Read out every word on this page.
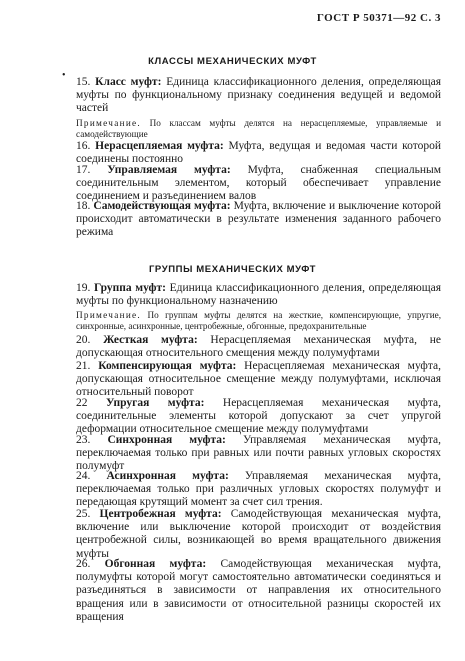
ГОСТ Р 50371—92 С. 3
КЛАССЫ МЕХАНИЧЕСКИХ МУФТ
•
15. Класс муфт: Единица классификационного деления, определяющая муфты по функциональному признаку соединения ведущей и ведомой частей
Примечание. По классам муфты делятся на нерасцепляемые, управляемые и самодействующие
16. Нерасцепляемая муфта: Муфта, ведущая и ведомая части которой соединены постоянно
17. Управляемая муфта: Муфта, снабженная специальным соединительным элементом, который обеспечивает управление соединением и разъединением валов
18. Самодействующая муфта: Муфта, включение и выключение которой происходит автоматически в результате изменения заданного рабочего режима
ГРУППЫ МЕХАНИЧЕСКИХ МУФТ
19. Группа муфт: Единица классификационного деления, определяющая муфты по функциональному назначению
Примечание. По группам муфты делятся на жесткие, компенсирующие, упругие, синхронные, асинхронные, центробежные, обгонные, предохранительные
20. Жесткая муфта: Нерасцепляемая механическая муфта, не допускающая относительного смещения между полумуфтами
21. Компенсирующая муфта: Нерасцепляемая механическая муфта, допускающая относительное смещение между полумуфтами, исключая относительный поворот
22 Упругая муфта: Нерасцепляемая механическая муфта, соединительные элементы которой допускают за счет упругой деформации относительное смещение между полумуфтами
23. Синхронная муфта: Управляемая механическая муфта, переключаемая только при равных или почти равных угловых скоростях полумуфт
24. Асинхронная муфта: Управляемая механическая муфта, переключаемая только при различных угловых скоростях полумуфт и передающая крутящий момент за счет сил трения.
25. Центробежная муфта: Самодействующая механическая муфта, включение или выключение которой происходит от воздействия центробежной силы, возникающей во время вращательного движения муфты
26. Обгонная муфта: Самодействующая механическая муфта, полумуфты которой могут самостоятельно автоматически соединяться и разъединяться в зависимости от направления их относительного вращения или в зависимости от относительной разницы скоростей их вращения
